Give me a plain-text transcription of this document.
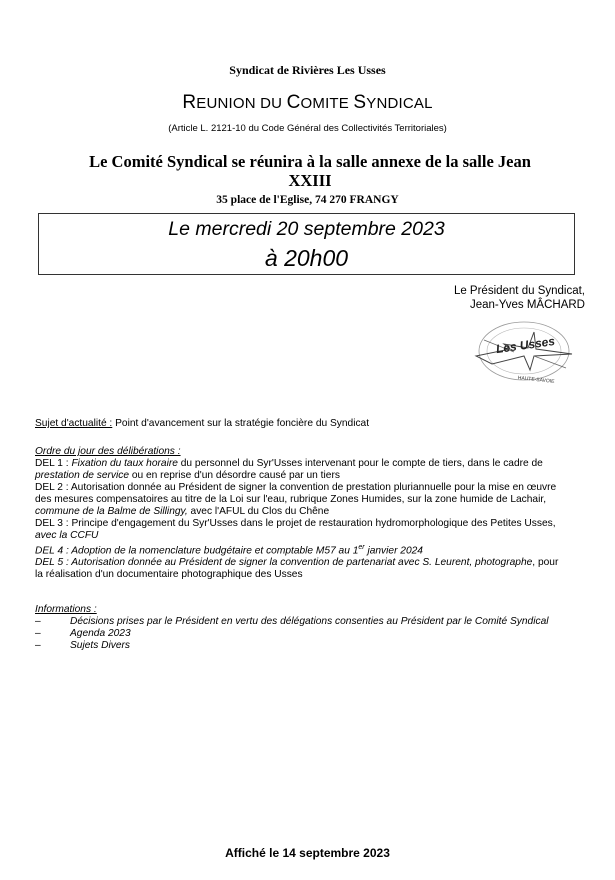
Syndicat de Rivières Les Usses
REUNION DU COMITE SYNDICAL
(Article L. 2121-10 du Code Général des Collectivités Territoriales)
Le Comité Syndical se réunira à la salle annexe de la salle Jean
XXIII
35 place de l'Eglise, 74 270 FRANGY
Le mercredi 20 septembre 2023
à 20h00
Le Président du Syndicat,
Jean-Yves MÂCHARD
Les Usses
HAUTE-SAVOIE

Sujet d'actualité : Point d'avancement sur la stratégie foncière du Syndicat

Ordre du jour des délibérations :

DEL 1 : Fixation du taux horaire du personnel du Syr'Usses intervenant pour le compte de tiers, dans le cadre de

prestation de service ou en reprise d'un désordre causé par un tiers

DEL 2 : Autorisation donnée au Président de signer la convention de prestation pluriannuelle pour la mise en œuvre

des mesures compensatoires au titre de la Loi sur l'eau, rubrique Zones Humides, sur la zone humide de Lachair,

commune de la Balme de Sillingy, avec l'AFUL du Clos du Chêne

DEL 3 : Principe d'engagement du Syr'Usses dans le projet de restauration hydromorphologique des Petites Usses,

avec la CCFU

DEL 4 : Adoption de la nomenclature budgétaire et comptable M57 au 1er janvier 2024

DEL 5 : Autorisation donnée au Président de signer la convention de partenariat avec S. Leurent, photographe, pour

la réalisation d'un documentaire photographique des Usses

Informations :

–	Décisions prises par le Président en vertu des délégations consenties au Président par le Comité Syndical
–	Agenda 2023
–	Sujets Divers
Affiché le 14 septembre 2023
